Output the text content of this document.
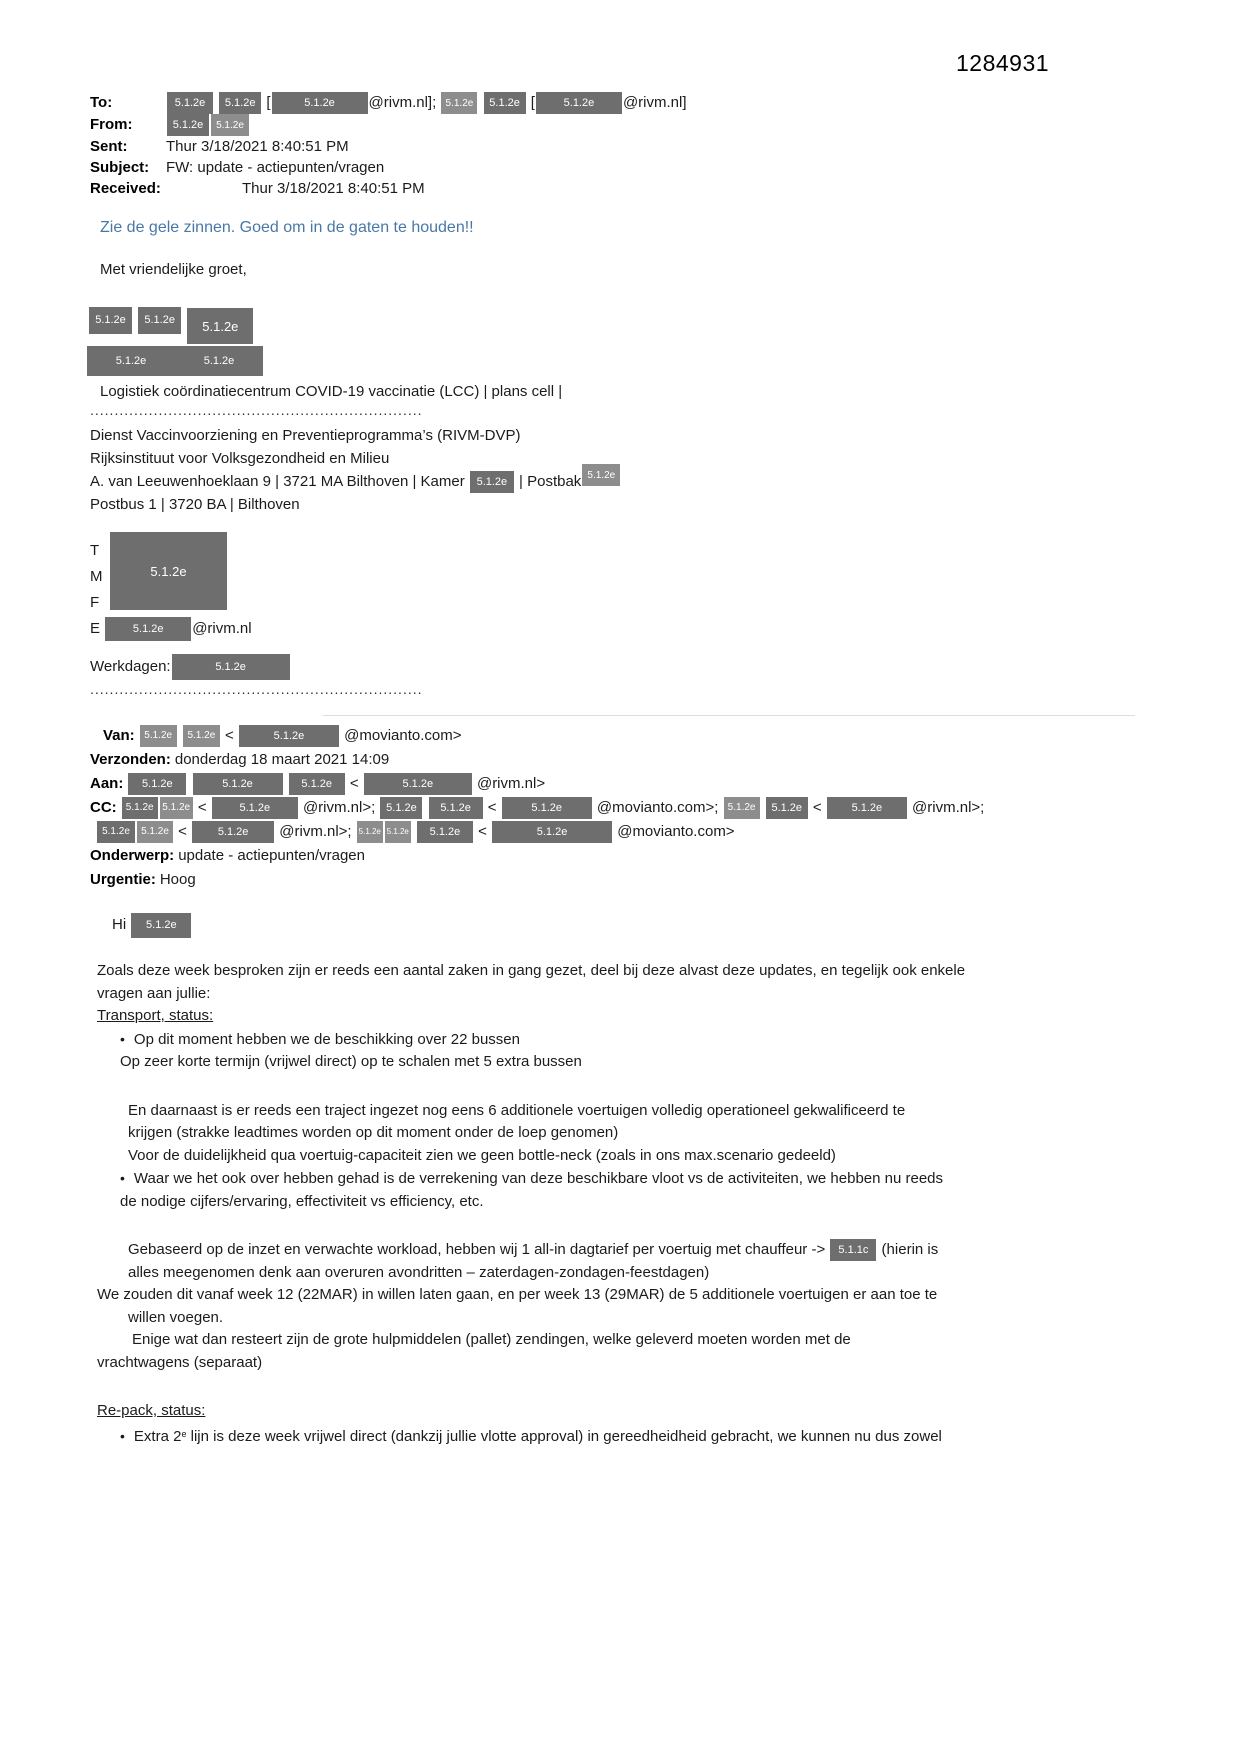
1284931
To:	5.1.2e 5.1.2e [	5.1.2e @rivm.nl]; 5.1.2e 5.1.2e [	5.1.2e @rivm.nl]
From:	5.1.2e 5.1.2e
Sent:	Thur 3/18/2021 8:40:51 PM
Subject: FW: update - actiepunten/vragen
Received:	Thur 3/18/2021 8:40:51 PM
Zie de gele zinnen. Goed om in de gaten te houden!!
Met vriendelijke groet,
5.1.2e 5.1.2e 5.1.2e
5.1.2e	5.1.2e
Logistiek coördinatiecentrum COVID-19 vaccinatie (LCC) | plans cell |
....................................................................
Dienst Vaccinvoorziening en Preventieprogramma’s (RIVM-DVP)
Rijksinstituut voor Volksgezondheid en Milieu
A. van Leeuwenhoeklaan 9 | 3721 MA Bilthoven | Kamer 5.1.2e | Postbak 5.1.2e
Postbus 1 | 3720 BA | Bilthoven
5.1.2e
T
M
F
E	5.1.2e @rivm.nl
Werkdagen:	5.1.2e
....................................................................
Van: 5.1.2e 5.1.2e <	5.1.2e @movianto.com>
Verzonden: donderdag 18 maart 2021 14:09
Aan: 5.1.2e	5.1.2e	5.1.2e <	5.1.2e	@rivm.nl>
CC: 5.1.2e 5.1.2e <	5.1.2e @rivm.nl>; 5.1.2e 5.1.2e <	5.1.2e @movianto.com>; 5.1.2e 5.1.2e < 5.1.2e @rivm.nl>;
5.1.2e 5.1.2e < 5.1.2e @rivm.nl>; 5.1.2e 5.1.2e 5.1.2e <	5.1.2e	@movianto.com>
Onderwerp: update - actiepunten/vragen
Urgentie: Hoog
Hi 5.1.2e
Zoals deze week besproken zijn er reeds een aantal zaken in gang gezet, deel bij deze alvast deze updates, en tegelijk ook enkele
vragen aan jullie:
Transport, status:
• Op dit moment hebben we de beschikking over 22 bussen
Op zeer korte termijn (vrijwel direct) op te schalen met 5 extra bussen
En daarnaast is er reeds een traject ingezet nog eens 6 additionele voertuigen volledig operationeel gekwalificeerd te
krijgen (strakke leadtimes worden op dit moment onder de loep genomen)
Voor de duidelijkheid qua voertuig-capaciteit zien we geen bottle-neck (zoals in ons max.scenario gedeeld)
• Waar we het ook over hebben gehad is de verrekening van deze beschikbare vloot vs de activiteiten, we hebben nu reeds
de nodige cijfers/ervaring, effectiviteit vs efficiency, etc.
Gebaseerd op de inzet en verwachte workload, hebben wij 1 all-in dagtarief per voertuig met chauffeur -> 5.1.1c (hierin is
alles meegenomen denk aan overuren avondritten – zaterdagen-zondagen-feestdagen)
We zouden dit vanaf week 12 (22MAR) in willen laten gaan, en per week 13 (29MAR) de 5 additionele voertuigen er aan toe te
willen voegen.
Enige wat dan resteert zijn de grote hulpmiddelen (pallet) zendingen, welke geleverd moeten worden met de
vrachtwagens (separaat)
Re-pack, status:
• Extra 2e lijn is deze week vrijwel direct (dankzij jullie vlotte approval) in gereedheidheid gebracht, we kunnen nu dus zowel
